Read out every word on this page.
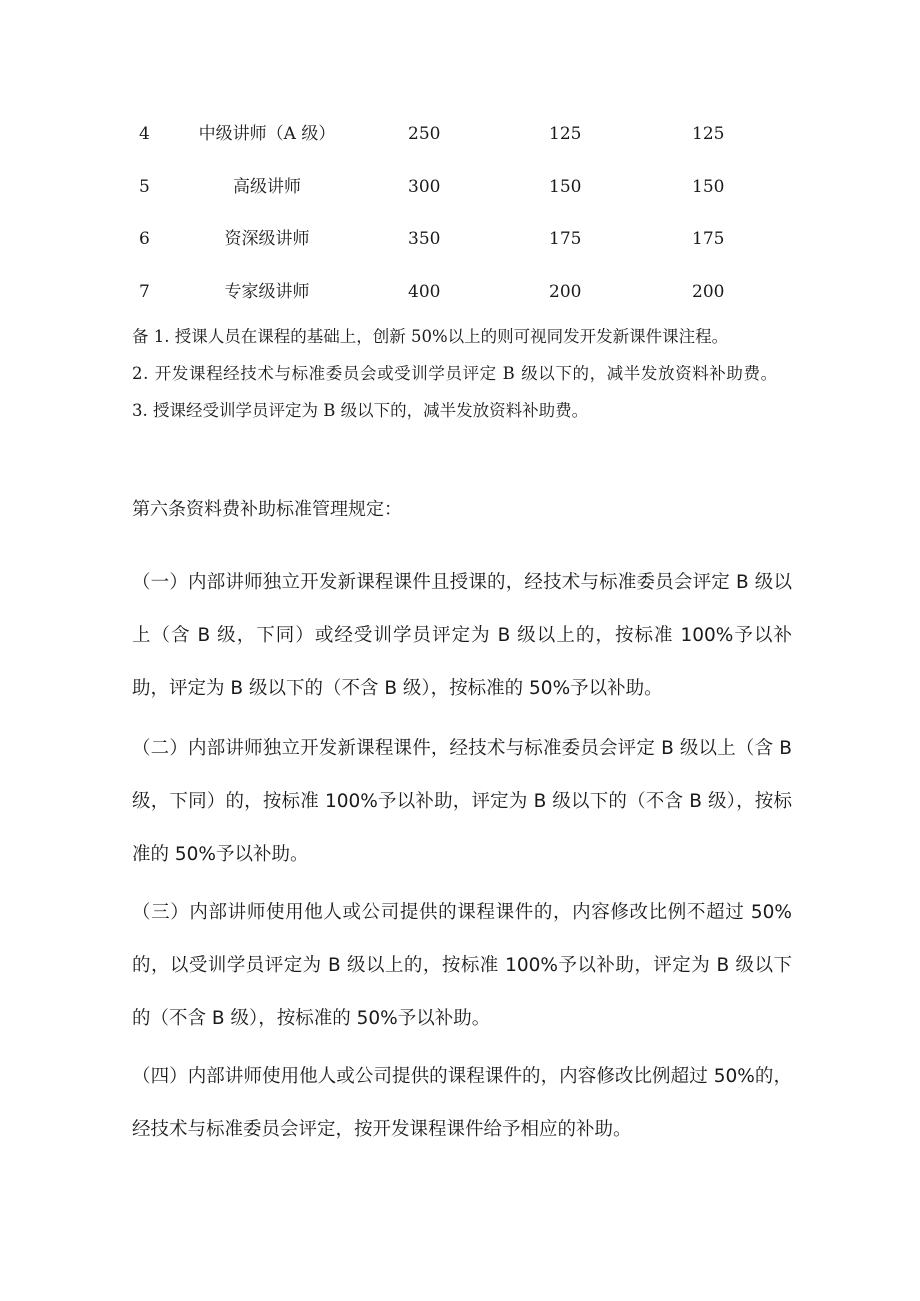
4	中级讲师（A 级）	250	125	125
5	高级讲师	300	150	150
6	资深级讲师	350	175	175
7	专家级讲师	400	200	200

备 1. 授课人员在课程的基础上，创新 50%以上的则可视同发开发新课件课注程。

2. 开发课程经技术与标准委员会或受训学员评定 B 级以下的，减半发放资料补助费。

3. 授课经受训学员评定为 B 级以下的，减半发放资料补助费。

第六条资料费补助标准管理规定：

（一）内部讲师独立开发新课程课件且授课的，经技术与标准委员会评定 B 级以上（含 B 级，下同）或经受训学员评定为 B 级以上的，按标准 100%予以补助，评定为 B 级以下的（不含 B 级），按标准的 50%予以补助。

（二）内部讲师独立开发新课程课件，经技术与标准委员会评定 B 级以上（含 B 级，下同）的，按标准 100%予以补助，评定为 B 级以下的（不含 B 级），按标准的 50%予以补助。

（三）内部讲师使用他人或公司提供的课程课件的，内容修改比例不超过 50%的，以受训学员评定为 B 级以上的，按标准 100%予以补助，评定为 B 级以下的（不含 B 级），按标准的 50%予以补助。

（四）内部讲师使用他人或公司提供的课程课件的，内容修改比例超过 50%的，经技术与标准委员会评定，按开发课程课件给予相应的补助。
